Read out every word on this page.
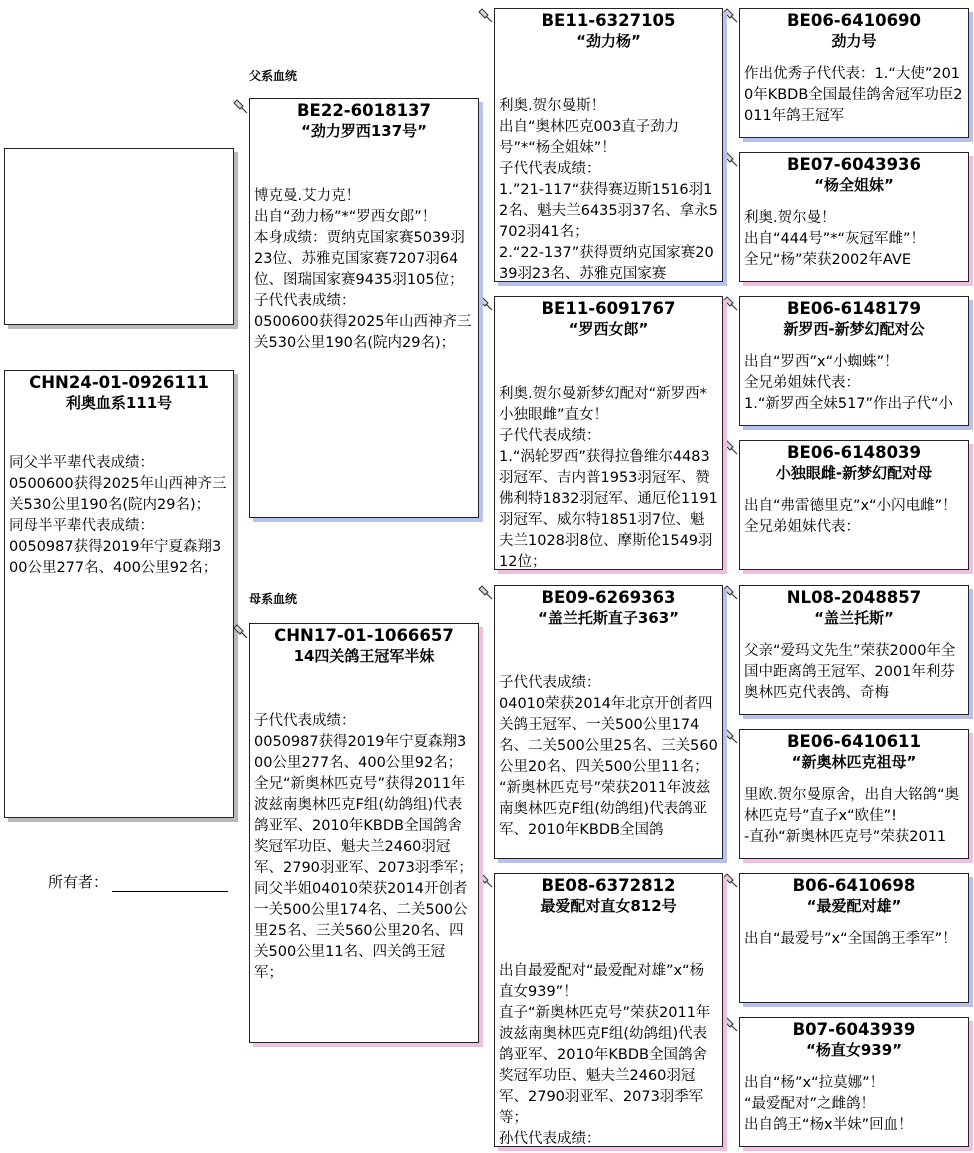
CHN24-01-0926111
利奥血系111号
同父半平辈代表成绩：
0500600获得2025年山西神齐三关530公里190名(院内29名)；
同母半平辈代表成绩：
0050987获得2019年宁夏森翔300公里277名、400公里92名；
所有者：
父系血统
母系血统
BE22-6018137
“劲力罗西137号”
博克曼.艾力克！
出自“劲力杨”*“罗西女郎”！
本身成绩：贾纳克国家赛5039羽23位、苏雅克国家赛7207羽64位、图瑞国家赛9435羽105位；
子代代表成绩：
0500600获得2025年山西神齐三关530公里190名(院内29名)；
CHN17-01-1066657
14四关鸽王冠军半妹
子代代表成绩：
0050987获得2019年宁夏森翔300公里277名、400公里92名；
全兄“新奥林匹克号”获得2011年波兹南奥林匹克F组(幼鸽组)代表鸽亚军、2010年KBDB全国鸽舍奖冠军功臣、魁夫兰2460羽冠军、2790羽亚军、2073羽季军；
同父半姐04010荣获2014开创者一关500公里174名、二关500公里25名、三关560公里20名、四关500公里11名、四关鸽王冠军；
BE11-6327105
“劲力杨”
利奥.贺尔曼斯！
出自“奥林匹克003直子劲力号”*“杨全姐妹”！
子代代表成绩：
1.”21-117“获得赛迈斯1516羽12名、魁夫兰6435羽37名、拿永5702羽41名；
2.“22-137”获得贾纳克国家赛2039羽23名、苏雅克国家赛
BE11-6091767
“罗西女郎”
利奥.贺尔曼新梦幻配对“新罗西*小独眼雌”直女！
子代代表成绩：
1.“涡轮罗西”获得拉鲁维尔4483羽冠军、吉内普1953羽冠军、赞佛利特1832羽冠军、通厄伦1191羽冠军、威尔特1851羽7位、魁夫兰1028羽8位、摩斯伦1549羽12位；
BE09-6269363
“盖兰托斯直子363”
子代代表成绩：
04010荣获2014年北京开创者四关鸽王冠军、一关500公里174名、二关500公里25名、三关560公里20名、四关500公里11名；
“新奥林匹克号”荣获2011年波兹南奥林匹克F组(幼鸽组)代表鸽亚军、2010年KBDB全国鸽
BE08-6372812
最爱配对直女812号
出自最爱配对“最爱配对雄”x“杨直女939”！
直子“新奥林匹克号”荣获2011年波兹南奥林匹克F组(幼鸽组)代表鸽亚军、2010年KBDB全国鸽舍奖冠军功臣、魁夫兰2460羽冠军、2790羽亚军、2073羽季军等；
孙代代表成绩：
BE06-6410690
劲力号
作出优秀子代代表：1.“大使”2010年KBDB全国最佳鸽舍冠军功臣2011年鸽王冠军
BE07-6043936
“杨全姐妹”
利奥.贺尔曼！
出自“444号”*“灰冠军雌”！
全兄“杨”荣获2002年AVE
BE06-6148179
新罗西-新梦幻配对公
出自“罗西”x“小蜘蛛”！
全兄弟姐妹代表：
1.“新罗西全妹517”作出子代“小
BE06-6148039
小独眼雌-新梦幻配对母
出自“弗雷德里克”x“小闪电雌”！
全兄弟姐妹代表：
NL08-2048857
“盖兰托斯”
父亲“爱玛文先生”荣获2000年全国中距离鸽王冠军、2001年利芬奥林匹克代表鸽、奇梅
BE06-6410611
“新奥林匹克祖母”
里欧.贺尔曼原舍，出自大铭鸽“奥林匹克号”直子x“欧佳”!
-直孙“新奥林匹克号”荣获2011
B06-6410698
“最爱配对雄”
出自“最爱号”x“全国鸽王季军”！
B07-6043939
“杨直女939”
出自“杨”x“拉莫娜”！
“最爱配对”之雌鸽！
出自鸽王“杨x半妹”回血！
